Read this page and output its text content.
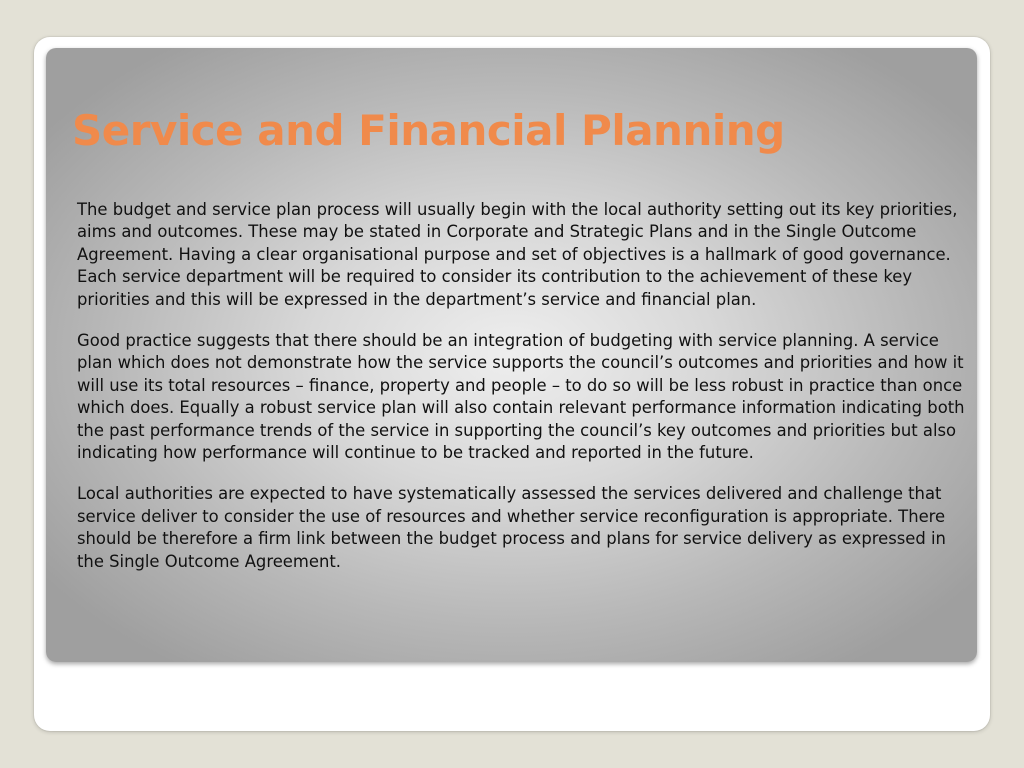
Service and Financial Planning

The budget and service plan process will usually begin with the local authority setting out its key priorities, aims and outcomes. These may be stated in Corporate and Strategic Plans and in the Single Outcome Agreement. Having a clear organisational purpose and set of objectives is a hallmark of good governance. Each service department will be required to consider its contribution to the achievement of these key priorities and this will be expressed in the department’s service and financial plan.

Good practice suggests that there should be an integration of budgeting with service planning. A service plan which does not demonstrate how the service supports the council’s outcomes and priorities and how it will use its total resources – finance, property and people – to do so will be less robust in practice than once which does. Equally a robust service plan will also contain relevant performance information indicating both the past performance trends of the service in supporting the council’s key outcomes and priorities but also indicating how performance will continue to be tracked and reported in the future.

Local authorities are expected to have systematically assessed the services delivered and challenge that service deliver to consider the use of resources and whether service reconfiguration is appropriate. There should be therefore a firm link between the budget process and plans for service delivery as expressed in the Single Outcome Agreement.
